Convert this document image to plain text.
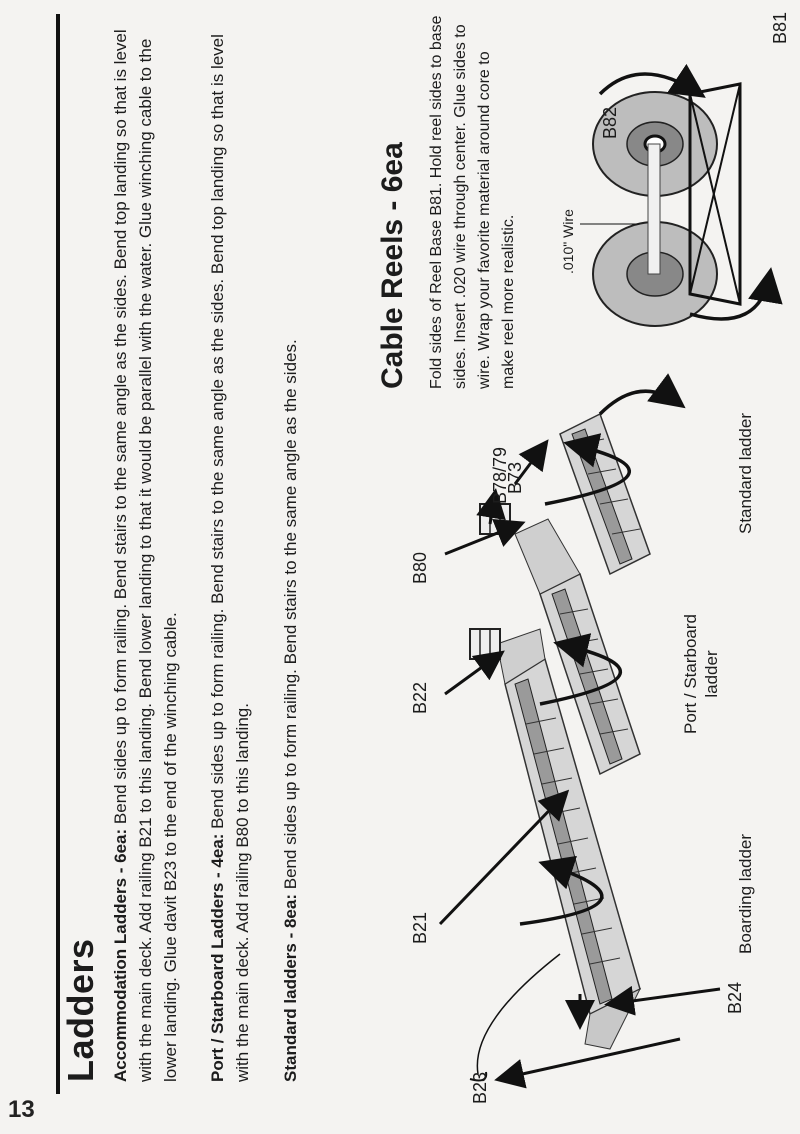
13
Ladders Accommodation Ladders - 6ea: Bend sides up to form railing. Bend stairs to the same angle as the sides. Bend top landing so that is level with the main deck. Add railing B21 to this landing. Bend lower landing to that it would be parallel with the water. Glue winching cable to the lower landing. Glue davit B23 to the end of the winching cable. Port / Starboard Ladders - 4ea: Bend sides up to form railing. Bend stairs to the same angle as the sides. Bend top landing so that is level with the main deck. Add railing B80 to this landing. Standard ladders - 8ea: Bend sides up to form railing. Bend stairs to the same angle as the sides.

Cable Reels - 6ea Fold sides of Reel Base B81. Hold reel sides to base sides. Insert .020 wire through center. Glue sides to wire. Wrap your favorite material around core to make reel more realistic.

B23
B24
B21
B22
B80
B78/79
B73
B82
B81
.010" Wire
Boarding ladder
Port / Starboard ladder
Standard ladder
